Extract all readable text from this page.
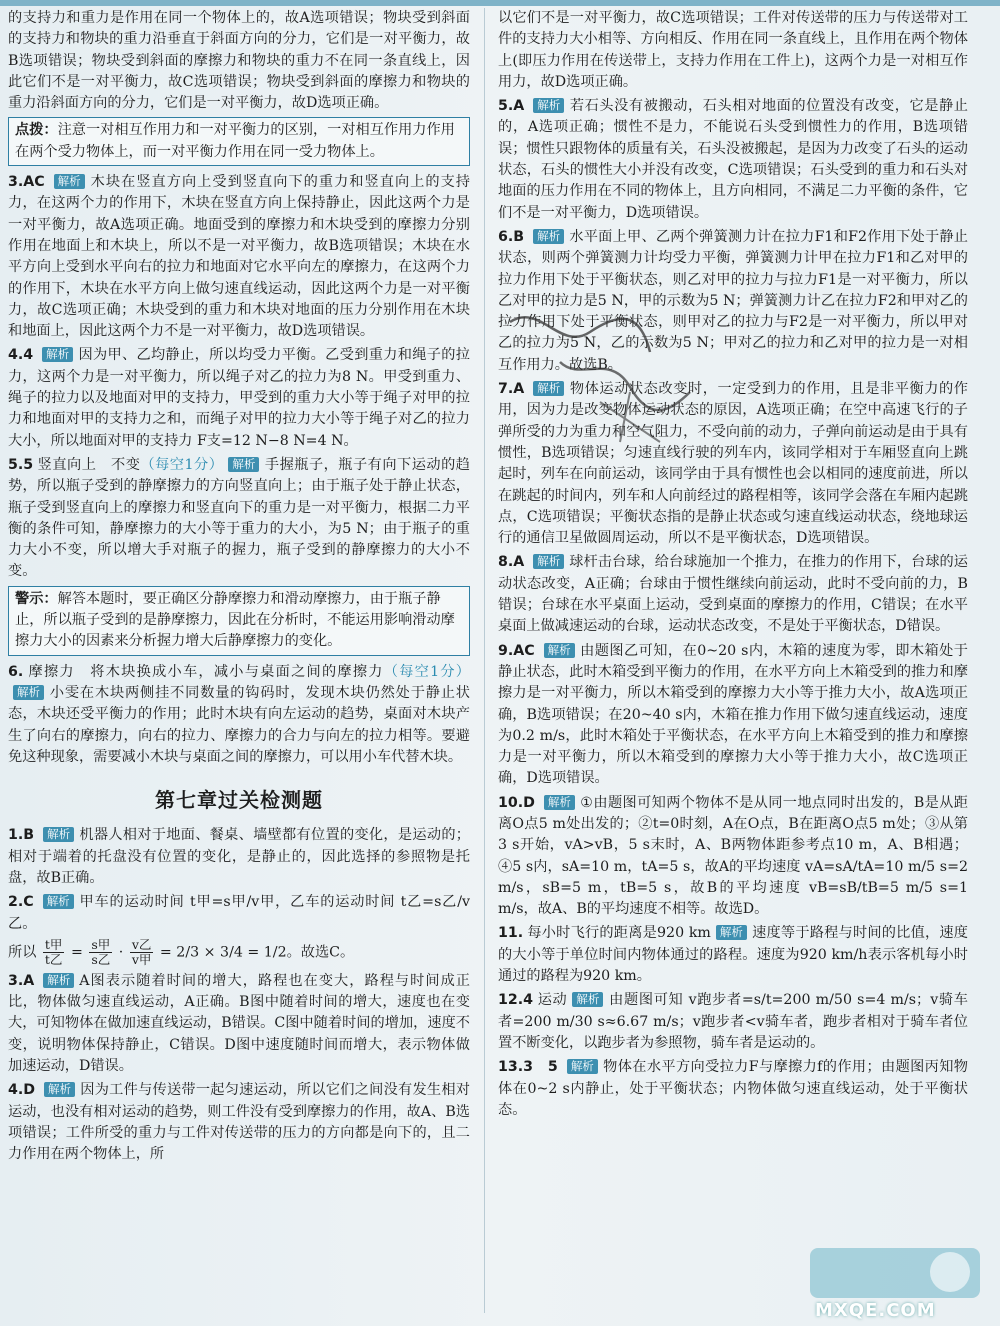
的支持力和重力是作用在同一个物体上的，故A选项错误；物块受到斜面的支持力和物块的重力沿垂直于斜面方向的分力，它们是一对平衡力，故B选项错误；物块受到斜面的摩擦力和物块的重力不在同一条直线上，因此它们不是一对平衡力，故C选项错误；物块受到斜面的摩擦力和物块的重力沿斜面方向的分力，它们是一对平衡力，故D选项正确。

点拨：注意一对相互作用力和一对平衡力的区别，一对相互作用力作用在两个受力物体上，而一对平衡力作用在同一受力物体上。

3.AC 解析 木块在竖直方向上受到竖直向下的重力和竖直向上的支持力，在这两个力的作用下，木块在竖直方向上保持静止，因此这两个力是一对平衡力，故A选项正确。地面受到的摩擦力和木块受到的摩擦力分别作用在地面上和木块上，所以不是一对平衡力，故B选项错误；木块在水平方向上受到水平向右的拉力和地面对它水平向左的摩擦力，在这两个力的作用下，木块在水平方向上做匀速直线运动，因此这两个力是一对平衡力，故C选项正确；木块受到的重力和木块对地面的压力分别作用在木块和地面上，因此这两个力不是一对平衡力，故D选项错误。

4.4 解析 因为甲、乙均静止，所以均受力平衡。乙受到重力和绳子的拉力，这两个力是一对平衡力，所以绳子对乙的拉力为8 N。甲受到重力、绳子的拉力以及地面对甲的支持力，甲受到的重力大小等于绳子对甲的拉力和地面对甲的支持力之和，而绳子对甲的拉力大小等于绳子对乙的拉力大小，所以地面对甲的支持力 F支=12 N−8 N=4 N。

5.5 竖直向上　不变（每空1分） 解析 手握瓶子，瓶子有向下运动的趋势，所以瓶子受到的静摩擦力的方向竖直向上；由于瓶子处于静止状态，瓶子受到竖直向上的摩擦力和竖直向下的重力是一对平衡力，根据二力平衡的条件可知，静摩擦力的大小等于重力的大小，为5 N；由于瓶子的重力大小不变，所以增大手对瓶子的握力，瓶子受到的静摩擦力的大小不变。

警示：解答本题时，要正确区分静摩擦力和滑动摩擦力，由于瓶子静止，所以瓶子受到的是静摩擦力，因此在分析时，不能运用影响滑动摩擦力大小的因素来分析握力增大后静摩擦力的变化。

6. 摩擦力　将木块换成小车，减小与桌面之间的摩擦力（每空1分）解析 小雯在木块两侧挂不同数量的钩码时，发现木块仍然处于静止状态，木块还受平衡力的作用；此时木块有向左运动的趋势，桌面对木块产生了向右的摩擦力，向右的拉力、摩擦力的合力与向左的拉力相等。要避免这种现象，需要减小木块与桌面之间的摩擦力，可以用小车代替木块。

第七章过关检测题

1.B 解析 机器人相对于地面、餐桌、墙壁都有位置的变化，是运动的；相对于端着的托盘没有位置的变化，是静止的，因此选择的参照物是托盘，故B正确。

2.C 解析 甲车的运动时间 t甲=s甲/v甲，乙车的运动时间 t乙=s乙/v乙。

所以 t甲
t乙 = s甲
s乙 · v乙
v甲 = 2/3 × 3/4 = 1/2。故选C。

3.A 解析 A图表示随着时间的增大，路程也在变大，路程与时间成正比，物体做匀速直线运动，A正确。B图中随着时间的增大，速度也在变大，可知物体在做加速直线运动，B错误。C图中随着时间的增加，速度不变，说明物体保持静止，C错误。D图中速度随时间而增大，表示物体做加速运动，D错误。

4.D 解析 因为工件与传送带一起匀速运动，所以它们之间没有发生相对运动，也没有相对运动的趋势，则工件没有受到摩擦力的作用，故A、B选项错误；工件所受的重力与工件对传送带的压力的方向都是向下的，且二力作用在两个物体上，所

以它们不是一对平衡力，故C选项错误；工件对传送带的压力与传送带对工件的支持力大小相等、方向相反、作用在同一条直线上，且作用在两个物体上(即压力作用在传送带上，支持力作用在工件上)，这两个力是一对相互作用力，故D选项正确。

5.A 解析 若石头没有被搬动，石头相对地面的位置没有改变，它是静止的，A选项正确；惯性不是力，不能说石头受到惯性力的作用，B选项错误；惯性只跟物体的质量有关，石头没被搬起，是因为力改变了石头的运动状态，石头的惯性大小并没有改变，C选项错误；石头受到的重力和石头对地面的压力作用在不同的物体上，且方向相同，不满足二力平衡的条件，它们不是一对平衡力，D选项错误。

6.B 解析 水平面上甲、乙两个弹簧测力计在拉力F1和F2作用下处于静止状态，则两个弹簧测力计均受力平衡，弹簧测力计甲在拉力F1和乙对甲的拉力作用下处于平衡状态，则乙对甲的拉力与拉力F1是一对平衡力，所以乙对甲的拉力是5 N，甲的示数为5 N；弹簧测力计乙在拉力F2和甲对乙的拉力作用下处于平衡状态，则甲对乙的拉力与F2是一对平衡力，所以甲对乙的拉力为5 N，乙的示数为5 N；甲对乙的拉力和乙对甲的拉力是一对相互作用力。故选B。

7.A 解析 物体运动状态改变时，一定受到力的作用，且是非平衡力的作用，因为力是改变物体运动状态的原因，A选项正确；在空中高速飞行的子弹所受的力为重力和空气阻力，不受向前的动力，子弹向前运动是由于具有惯性，B选项错误；匀速直线行驶的列车内，该同学相对于车厢竖直向上跳起时，列车在向前运动，该同学由于具有惯性也会以相同的速度前进，所以在跳起的时间内，列车和人向前经过的路程相等，该同学会落在车厢内起跳点，C选项错误；平衡状态指的是静止状态或匀速直线运动状态，绕地球运行的通信卫星做圆周运动，所以不是平衡状态，D选项错误。

8.A 解析 球杆击台球，给台球施加一个推力，在推力的作用下，台球的运动状态改变，A正确；台球由于惯性继续向前运动，此时不受向前的力，B错误；台球在水平桌面上运动，受到桌面的摩擦力的作用，C错误；在水平桌面上做减速运动的台球，运动状态改变，不是处于平衡状态，D错误。

9.AC 解析 由题图乙可知，在0~20 s内，木箱的速度为零，即木箱处于静止状态，此时木箱受到平衡力的作用，在水平方向上木箱受到的推力和摩擦力是一对平衡力，所以木箱受到的摩擦力大小等于推力大小，故A选项正确，B选项错误；在20~40 s内，木箱在推力作用下做匀速直线运动，速度为0.2 m/s，此时木箱处于平衡状态，在水平方向上木箱受到的推力和摩擦力是一对平衡力，所以木箱受到的摩擦力大小等于推力大小，故C选项正确，D选项错误。

10.D 解析 ①由题图可知两个物体不是从同一地点同时出发的，B是从距离O点5 m处出发的；②t=0时刻，A在O点，B在距离O点5 m处；③从第3 s开始，vA>vB，5 s末时，A、B两物体距参考点10 m，A、B相遇；④5 s内，sA=10 m，tA=5 s，故A的平均速度 vA=sA/tA=10 m/5 s=2 m/s，sB=5 m，tB=5 s，故B的平均速度 vB=sB/tB=5 m/5 s=1 m/s，故A、B的平均速度不相等。故选D。

11. 每小时飞行的距离是920 km 解析 速度等于路程与时间的比值，速度的大小等于单位时间内物体通过的路程。速度为920 km/h表示客机每小时通过的路程为920 km。

12.4 运动 解析 由题图可知 v跑步者=s/t=200 m/50 s=4 m/s；v骑车者=200 m/30 s≈6.67 m/s；v跑步者<v骑车者，跑步者相对于骑车者位置不断变化，以跑步者为参照物，骑车者是运动的。

13.3　5 解析 物体在水平方向受拉力F与摩擦力f的作用；由题图丙知物体在0~2 s内静止，处于平衡状态；内物体做匀速直线运动，处于平衡状态。

MXQE.COM
